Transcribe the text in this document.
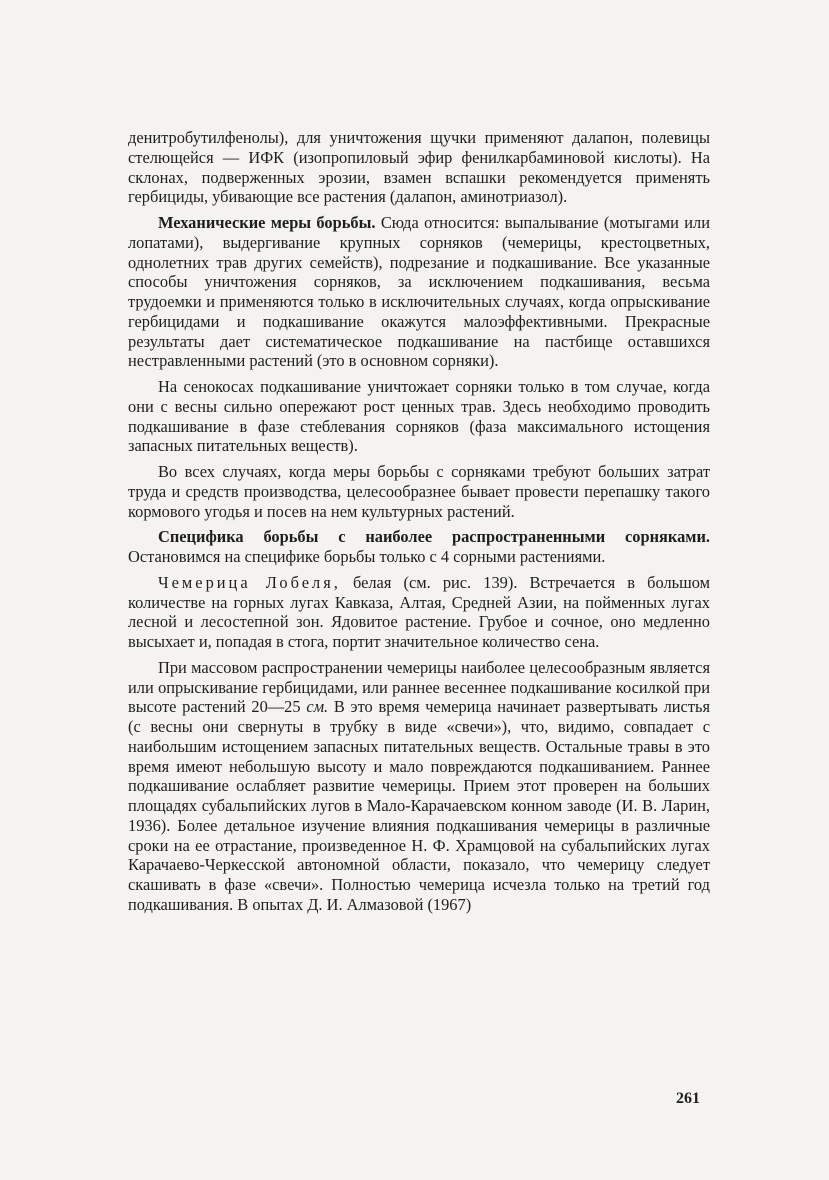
денитробутилфенолы), для уничтожения щучки применяют далапон, полевицы стелющейся — ИФК (изопропиловый эфир фенилкарбаминовой кислоты). На склонах, подверженных эрозии, взамен вспашки рекомендуется применять гербициды, убивающие все растения (далапон, аминотриазол).

Механические меры борьбы. Сюда относится: выпалывание (мотыгами или лопатами), выдергивание крупных сорняков (чемерицы, крестоцветных, однолетних трав других семейств), подрезание и подкашивание. Все указанные способы уничтожения сорняков, за исключением подкашивания, весьма трудоемки и применяются только в исключительных случаях, когда опрыскивание гербицидами и подкашивание окажутся малоэффективными. Прекрасные результаты дает систематическое подкашивание на пастбище оставшихся нестравленными растений (это в основном сорняки).

На сенокосах подкашивание уничтожает сорняки только в том случае, когда они с весны сильно опережают рост ценных трав. Здесь необходимо проводить подкашивание в фазе стеблевания сорняков (фаза максимального истощения запасных питательных веществ).

Во всех случаях, когда меры борьбы с сорняками требуют больших затрат труда и средств производства, целесообразнее бывает провести перепашку такого кормового угодья и посев на нем культурных растений.

Специфика борьбы с наиболее распространенными сорняками. Остановимся на специфике борьбы только с 4 сорными растениями.

Чемерица Лобеля, белая (см. рис. 139). Встречается в большом количестве на горных лугах Кавказа, Алтая, Средней Азии, на пойменных лугах лесной и лесостепной зон. Ядовитое растение. Грубое и сочное, оно медленно высыхает и, попадая в стога, портит значительное количество сена.

При массовом распространении чемерицы наиболее целесообразным является или опрыскивание гербицидами, или раннее весеннее подкашивание косилкой при высоте растений 20—25 см. В это время чемерица начинает развертывать листья (с весны они свернуты в трубку в виде «свечи»), что, видимо, совпадает с наибольшим истощением запасных питательных веществ. Остальные травы в это время имеют небольшую высоту и мало повреждаются подкашиванием. Раннее подкашивание ослабляет развитие чемерицы. Прием этот проверен на больших площадях субальпийских лугов в Мало-Карачаевском конном заводе (И. В. Ларин, 1936). Более детальное изучение влияния подкашивания чемерицы в различные сроки на ее отрастание, произведенное Н. Ф. Храмцовой на субальпийских лугах Карачаево-Черкесской автономной области, показало, что чемерицу следует скашивать в фазе «свечи». Полностью чемерица исчезла только на третий год подкашивания. В опытах Д. И. Алмазовой (1967)

261
